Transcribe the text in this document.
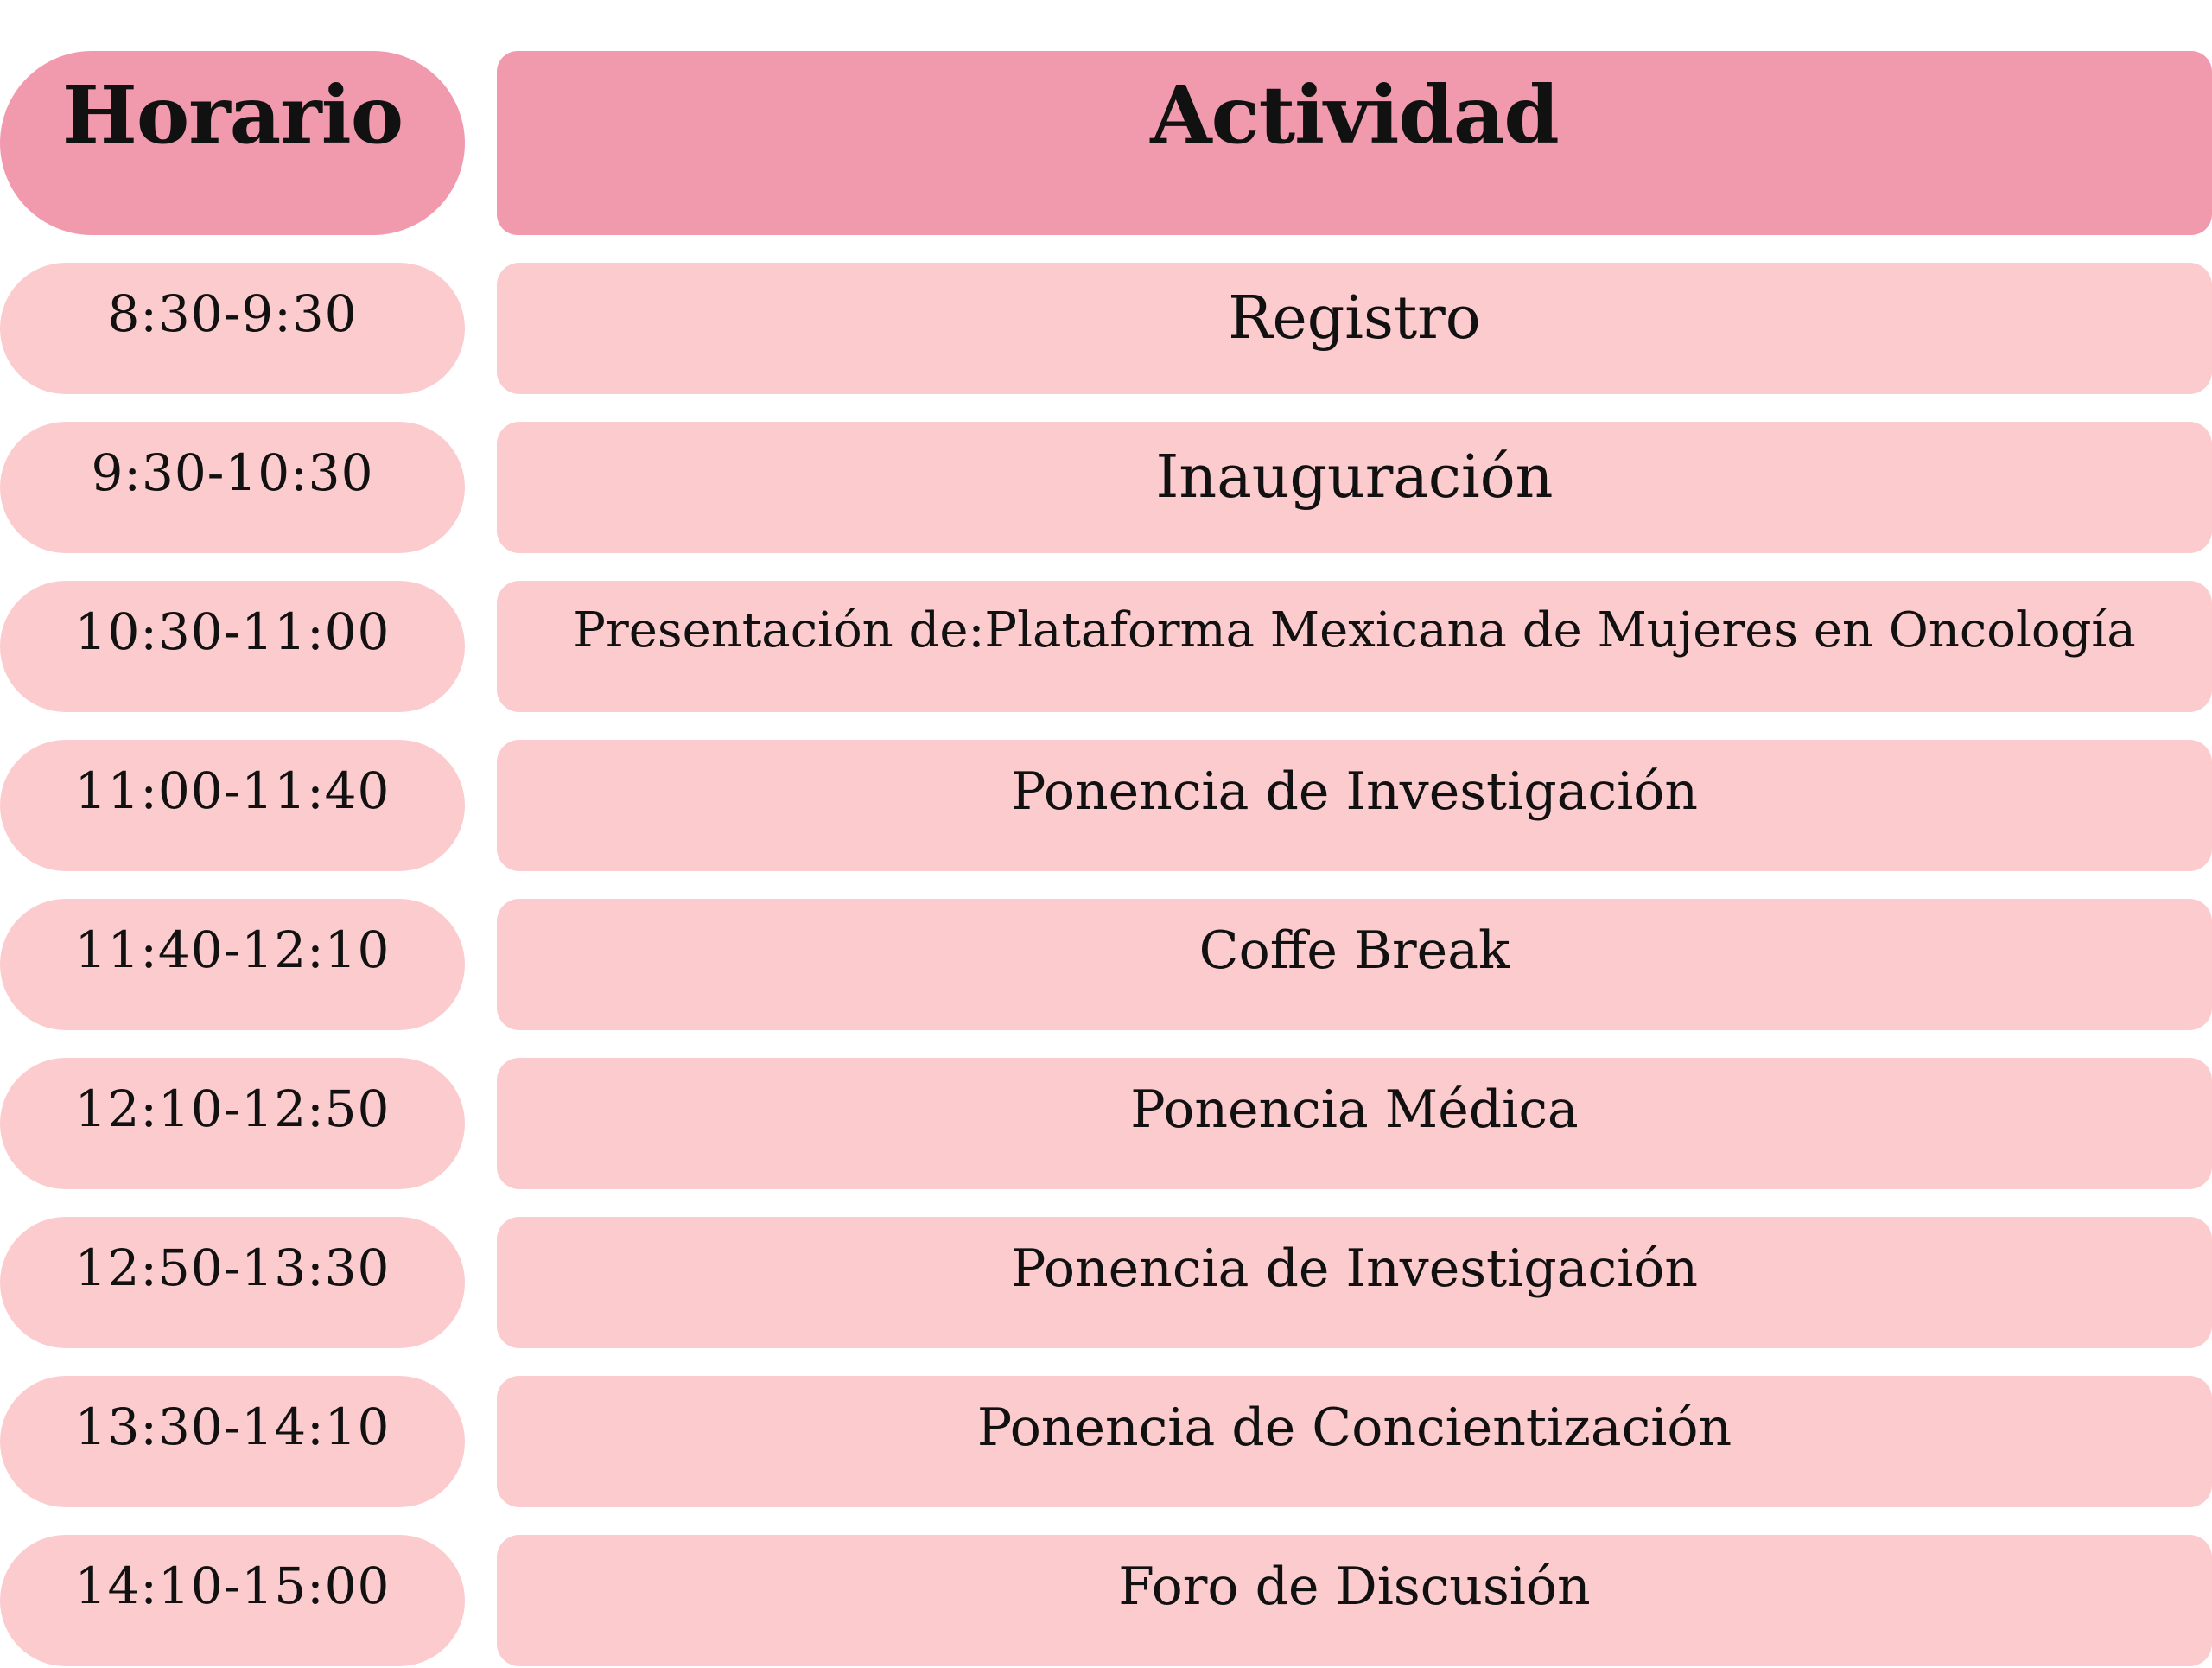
Horario	Actividad
8:30-9:30	Registro
9:30-10:30	Inauguración
10:30-11:00	Presentación de:Plataforma Mexicana de Mujeres en Oncología
11:00-11:40	Ponencia de Investigación
11:40-12:10	Coffe Break
12:10-12:50	Ponencia Médica
12:50-13:30	Ponencia de Investigación
13:30-14:10	Ponencia de Concientización
14:10-15:00	Foro de Discusión
